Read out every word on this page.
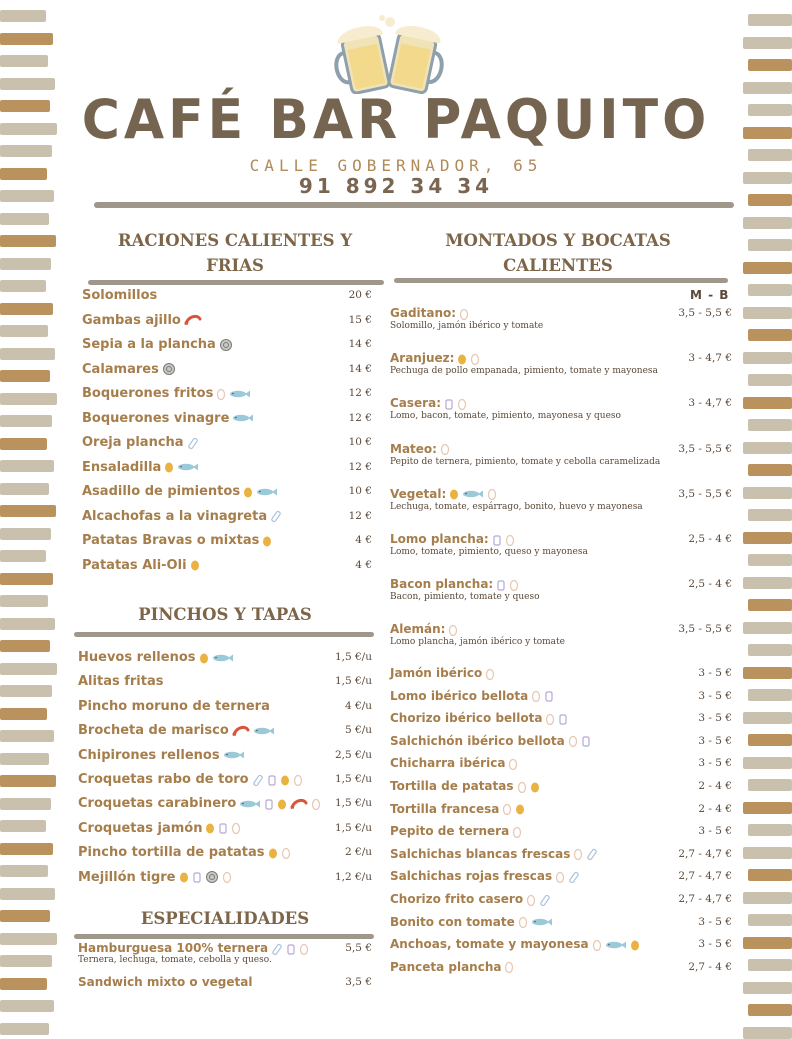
CAFÉ BAR PAQUITO
CALLE GOBERNADOR, 65
91 892 34 34
RACIONES CALIENTES Y
FRIAS
Solomillos	20 €
Gambas ajillo	15 €
Sepia a la plancha	14 €
Calamares	14 €
Boquerones fritos	12 €
Boquerones vinagre	12 €
Oreja plancha	10 €
Ensaladilla	12 €
Asadillo de pimientos	10 €
Alcachofas a la vinagreta	12 €
Patatas Bravas o mixtas	4 €
Patatas Ali-Oli	4 €
PINCHOS Y TAPAS
Huevos rellenos	1,5 €/u
Alitas fritas	1,5 €/u
Pincho moruno de ternera	4 €/u
Brocheta de marisco	5 €/u
Chipirones rellenos	2,5 €/u
Croquetas rabo de toro	1,5 €/u
Croquetas carabinero	1,5 €/u
Croquetas jamón	1,5 €/u
Pincho tortilla de patatas	2 €/u
Mejillón tigre	1,2 €/u
ESPECIALIDADES
Hamburguesa 100% ternera	5,5 €
Ternera, lechuga, tomate, cebolla y queso.
Sandwich mixto o vegetal	3,5 €
MONTADOS Y BOCATAS
CALIENTES
M - B
Gaditano:	3,5 - 5,5 €
Solomillo, jamón ibérico y tomate
Aranjuez:	3 - 4,7 €
Pechuga de pollo empanada, pimiento, tomate y mayonesa
Casera:	3 - 4,7 €
Lomo, bacon, tomate, pimiento, mayonesa y queso
Mateo:	3,5 - 5,5 €
Pepito de ternera, pimiento, tomate y cebolla caramelizada
Vegetal:	3,5 - 5,5 €
Lechuga, tomate, espárrago, bonito, huevo y mayonesa
Lomo plancha:	2,5 - 4 €
Lomo, tomate, pimiento, queso y mayonesa
Bacon plancha:	2,5 - 4 €
Bacon, pimiento, tomate y queso
Alemán:	3,5 - 5,5 €
Lomo plancha, jamón ibérico y tomate
Jamón ibérico	3 - 5 €
Lomo ibérico bellota	3 - 5 €
Chorizo ibérico bellota	3 - 5 €
Salchichón ibérico bellota	3 - 5 €
Chicharra ibérica	3 - 5 €
Tortilla de patatas	2 - 4 €
Tortilla francesa	2 - 4 €
Pepito de ternera	3 - 5 €
Salchichas blancas frescas	2,7 - 4,7 €
Salchichas rojas frescas	2,7 - 4,7 €
Chorizo frito casero	2,7 - 4,7 €
Bonito con tomate	3 - 5 €
Anchoas, tomate y mayonesa	3 - 5 €
Panceta plancha	2,7 - 4 €
